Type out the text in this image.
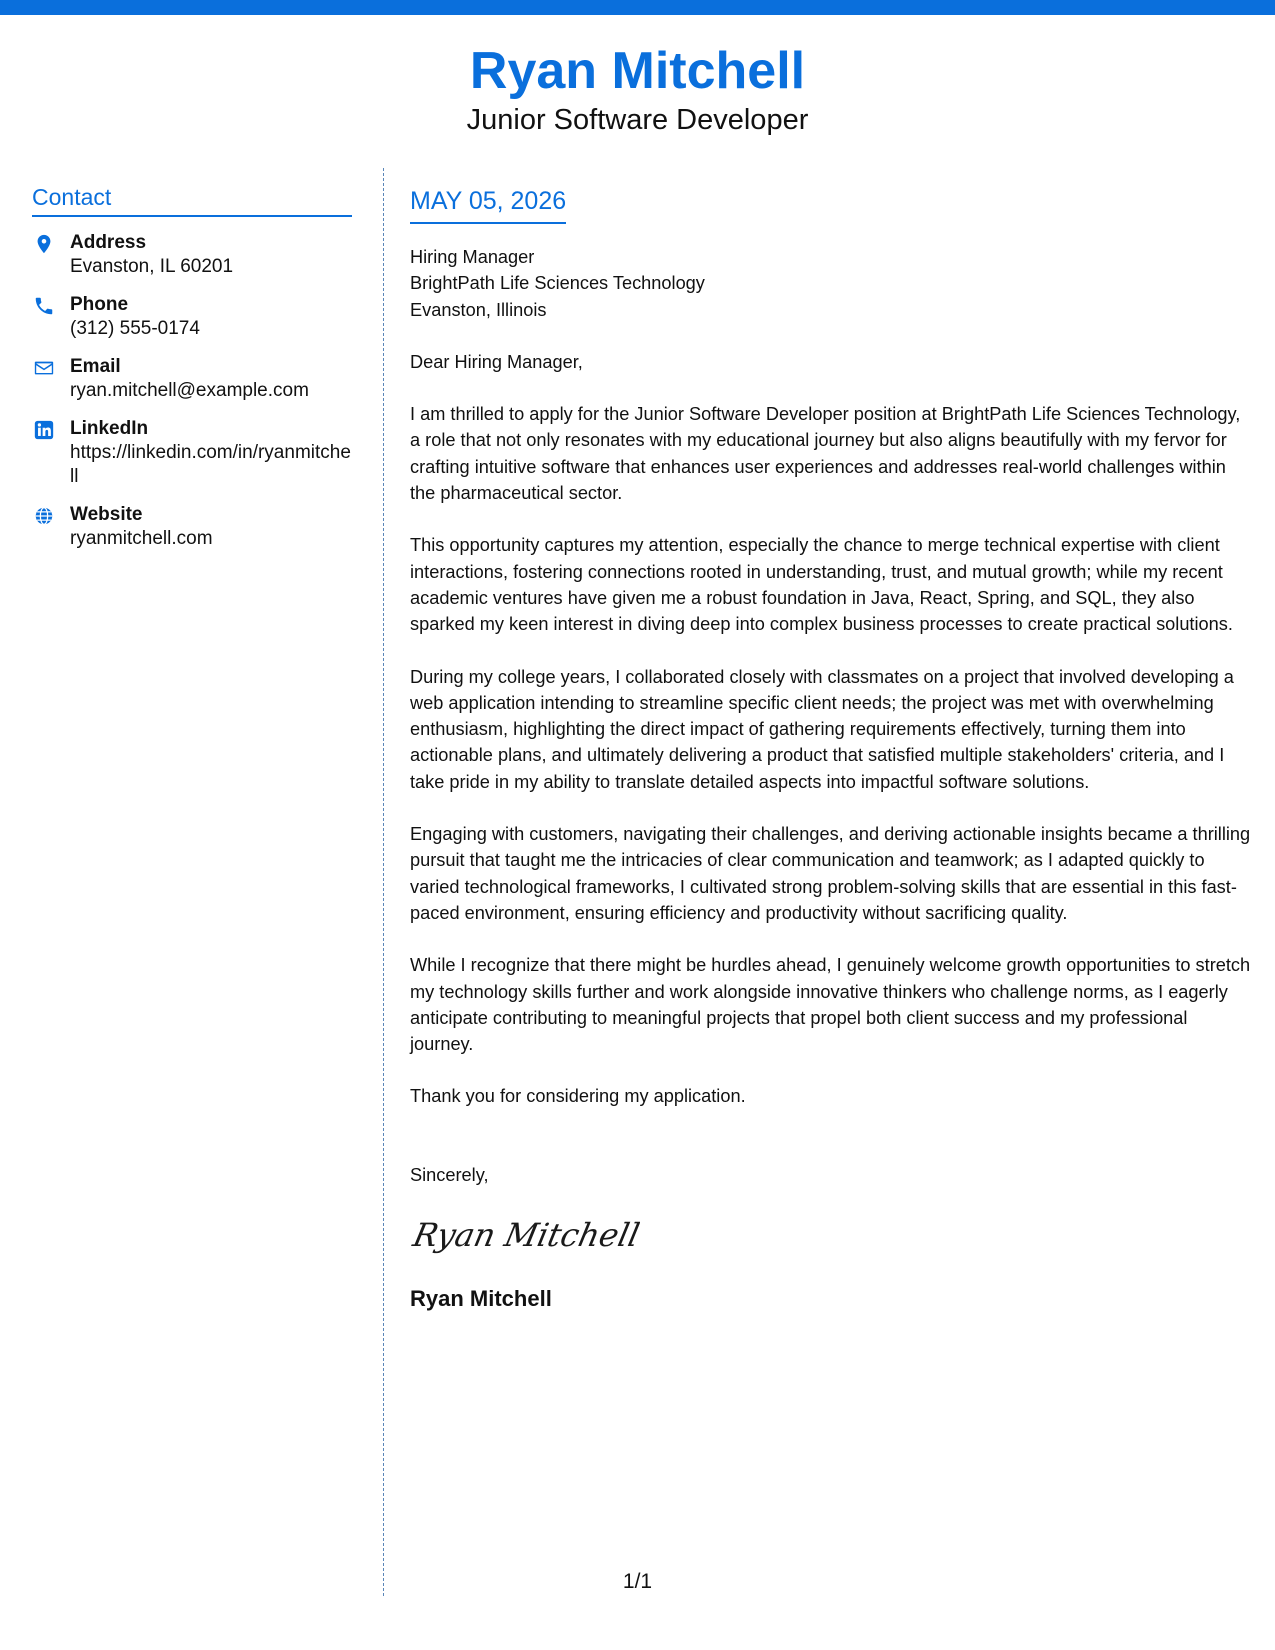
Ryan Mitchell
Junior Software Developer
Contact
Address
Evanston, IL 60201
Phone
(312) 555-0174
Email
ryan.mitchell@example.com
LinkedIn
https://linkedin.com/in/ryanmitchell
Website
ryanmitchell.com
MAY 05, 2026
Hiring Manager
BrightPath Life Sciences Technology
Evanston, Illinois
Dear Hiring Manager,

I am thrilled to apply for the Junior Software Developer position at BrightPath Life Sciences Technology, a role that not only resonates with my educational journey but also aligns beautifully with my fervor for crafting intuitive software that enhances user experiences and addresses real-world challenges within the pharmaceutical sector.

This opportunity captures my attention, especially the chance to merge technical expertise with client interactions, fostering connections rooted in understanding, trust, and mutual growth; while my recent academic ventures have given me a robust foundation in Java, React, Spring, and SQL, they also sparked my keen interest in diving deep into complex business processes to create practical solutions.

During my college years, I collaborated closely with classmates on a project that involved developing a web application intending to streamline specific client needs; the project was met with overwhelming enthusiasm, highlighting the direct impact of gathering requirements effectively, turning them into actionable plans, and ultimately delivering a product that satisfied multiple stakeholders' criteria, and I take pride in my ability to translate detailed aspects into impactful software solutions.

Engaging with customers, navigating their challenges, and deriving actionable insights became a thrilling pursuit that taught me the intricacies of clear communication and teamwork; as I adapted quickly to varied technological frameworks, I cultivated strong problem-solving skills that are essential in this fast-paced environment, ensuring efficiency and productivity without sacrificing quality.

While I recognize that there might be hurdles ahead, I genuinely welcome growth opportunities to stretch my technology skills further and work alongside innovative thinkers who challenge norms, as I eagerly anticipate contributing to meaningful projects that propel both client success and my professional journey.

Thank you for considering my application.
Sincerely,
Ryan Mitchell
Ryan Mitchell
1/1
